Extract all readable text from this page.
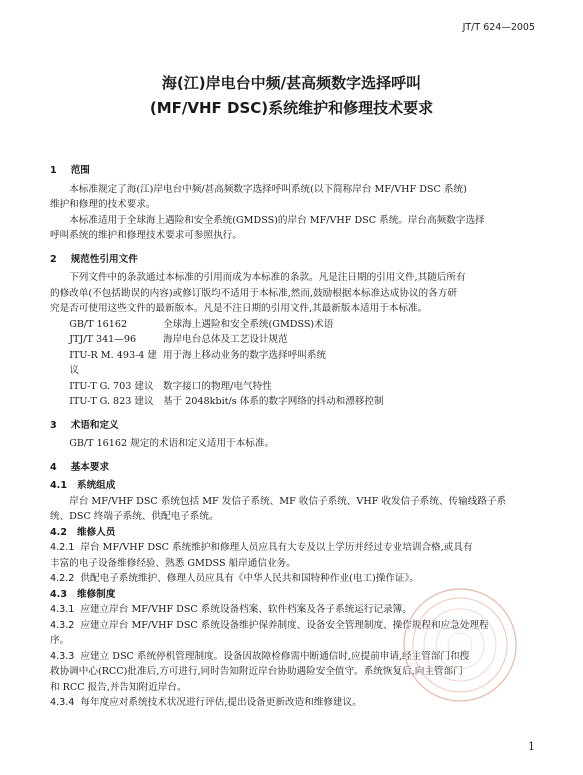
JT/T 624—2005
海(江)岸电台中频/甚高频数字选择呼叫
(MF/VHF DSC)系统维护和修理技术要求
1 范围
本标准规定了海(江)岸电台中频/甚高频数字选择呼叫系统(以下简称岸台 MF/VHF DSC 系统)
维护和修理的技术要求。
本标准适用于全球海上遇险和安全系统(GMDSS)的岸台 MF/VHF DSC 系统。岸台高频数字选择
呼叫系统的维护和修理技术要求可参照执行。
2 规范性引用文件
下列文件中的条款通过本标准的引用而成为本标准的条款。凡是注日期的引用文件,其随后所有
的修改单(不包括勘误的内容)或修订版均不适用于本标准,然而,鼓励根据本标准达成协议的各方研
究是否可使用这些文件的最新版本。凡是不注日期的引用文件,其最新版本适用于本标准。
GB/T 16162	全球海上遇险和安全系统(GMDSS)术语
JTJ/T 341—96	海岸电台总体及工艺设计规范
ITU-R M. 493-4 建议
用于海上移动业务的数字选择呼叫系统
ITU-T G. 703 建议 数字接口的物理/电气特性
ITU-T G. 823 建议 基于 2048kbit/s 体系的数字网络的抖动和漂移控制
3 术语和定义
GB/T 16162 规定的术语和定义适用于本标准。
4 基本要求
4.1 系统组成
岸台 MF/VHF DSC 系统包括 MF 发信子系统、MF 收信子系统、VHF 收发信子系统、传输线路子系
统、DSC 终端子系统、供配电子系统。
4.2 维修人员
4.2.1 岸台 MF/VHF DSC 系统维护和修理人员应具有大专及以上学历并经过专业培训合格,或具有
丰富的电子设备维修经验、熟悉 GMDSS 船岸通信业务。
4.2.2 供配电子系统维护、修理人员应具有《中华人民共和国特种作业(电工)操作证》。
4.3 维修制度
4.3.1 应建立岸台 MF/VHF DSC 系统设备档案、软件档案及各子系统运行记录簿。
4.3.2 应建立岸台 MF/VHF DSC 系统设备维护保养制度、设备安全管理制度、操作规程和应急处理程
序。
4.3.3 应建立 DSC 系统停机管理制度。设备因故障检修需中断通信时,应提前申请,经主管部门和搜
救协调中心(RCC)批准后,方可进行,同时告知附近岸台协助遇险安全值守。系统恢复后,向主管部门
和 RCC 报告,并告知附近岸台。
4.3.4 每年度应对系统技术状况进行评估,提出设备更新改造和维修建议。
1
